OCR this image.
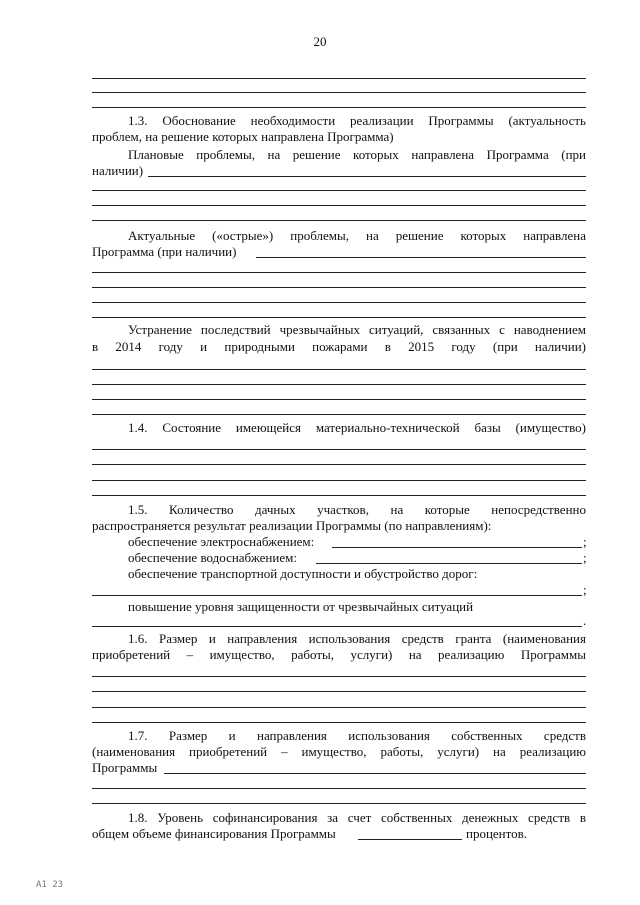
20
1.3. Обоснование необходимости реализации Программы (актуальность
проблем, на решение которых направлена Программа)
Плановые проблемы, на решение которых направлена Программа (при
наличии)
Актуальные («острые») проблемы, на решение которых направлена
Программа (при наличии)
Устранение последствий чрезвычайных ситуаций, связанных с наводнением
в 2014 году и природными пожарами в 2015 году (при наличии)
1.4. Состояние имеющейся материально-технической базы (имущество)
1.5. Количество дачных участков, на которые непосредственно
распространяется результат реализации Программы (по направлениям):
обеспечение электроснабжением:	;
обеспечение водоснабжением:	;
обеспечение транспортной доступности и обустройство дорог:
;
повышение уровня защищенности от чрезвычайных ситуаций
.
1.6. Размер и направления использования средств гранта (наименования
приобретений – имущество, работы, услуги) на реализацию Программы
1.7. Размер и направления использования собственных средств
(наименования приобретений – имущество, работы, услуги) на реализацию
Программы
1.8. Уровень софинансирования за счет собственных денежных средств в
общем объеме финансирования Программы	процентов.
A1 23
